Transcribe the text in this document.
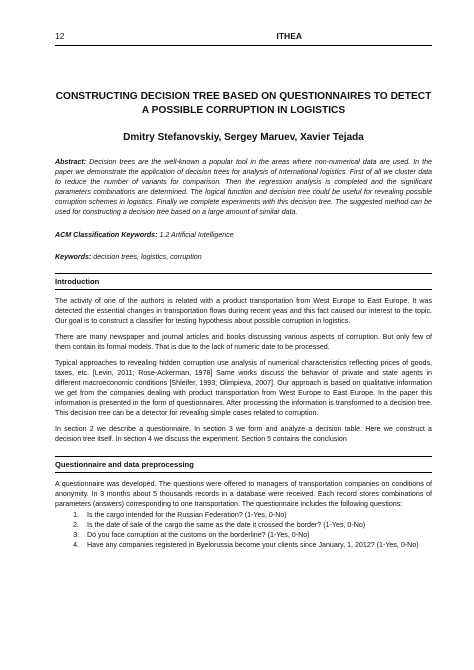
12	ITHEA
CONSTRUCTING DECISION TREE BASED ON QUESTIONNAIRES TO DETECT A POSSIBLE CORRUPTION IN LOGISTICS
Dmitry Stefanovskiy, Sergey Maruev, Xavier Tejada
Abstract: Decision trees are the well-known a popular tool in the areas where non-numerical data are used. In the paper we demonstrate the application of decision trees for analysis of International logistics. First of all we cluster data to reduce the number of variants for comparison. Then the regression analysis is completed and the significant parameters combinations are determined. The logical function and decision tree could be useful for revealing possible corruption schemes in logistics. Finally we complete experiments with this decision tree. The suggested method can be used for constructing a decision tree based on a large amount of similar data.
ACM Classification Keywords: 1.2 Artificial Intelligence
Keywords: decision trees, logistics, corruption
Introduction
The activity of one of the authors is related with a product transportation from West Europe to East Europe. It was detected the essential changes in transportation flows during recent yeas and this fact caused our interest to the topic. Our goal is to construct a classifier for testing hypothesis about possible corruption in logistics.
There are many newspaper and journal articles and books discussing various aspects of corruption. But only few of them contain its formal models. That is due to the lack of numeric date to be processed.
Typical approaches to revealing hidden corruption use analysis of numerical characteristics reflecting prices of goods, taxes, etc. [Levin, 2011; Rose-Ackerman, 1978] Same works discuss the behavior of private and state agents in different macroeconomic conditions [Shleifer, 1993; Olimpieva, 2007]. Our approach is based on qualitative information we get from the companies dealing with product transportation from West Europe to East Europe. In the paper this information is presented in the form of questionnaires. After processing the information is transformed to a decision tree. This decision tree can be a detector for revealing simple cases related to corruption.
In section 2 we describe a questionnaire. In section 3 we form and analyze a decision table. Here we construct a decision tree itself. In section 4 we discuss the experiment. Section 5 contains the conclusion
Questionnaire and data preprocessing
A questionnaire was developed. The questions were offered to managers of transportation companies on conditions of anonymity. In 3 months about 5 thousands records in a database were received. Each record stores combinations of parameters (answers) corresponding to one transportation. The questionnaire includes the following questions:
1. Is the cargo intended for the Russian Federation? (1-Yes, 0-No)
2. Is the date of sale of the cargo the same as the date it crossed the border? (1-Yes, 0-No)
3. Do you face corruption at the customs on the borderline? (1-Yes, 0-No)
4. Have any companies registered in Byelorussia become your clients since January, 1, 2012? (1-Yes, 0-No)
